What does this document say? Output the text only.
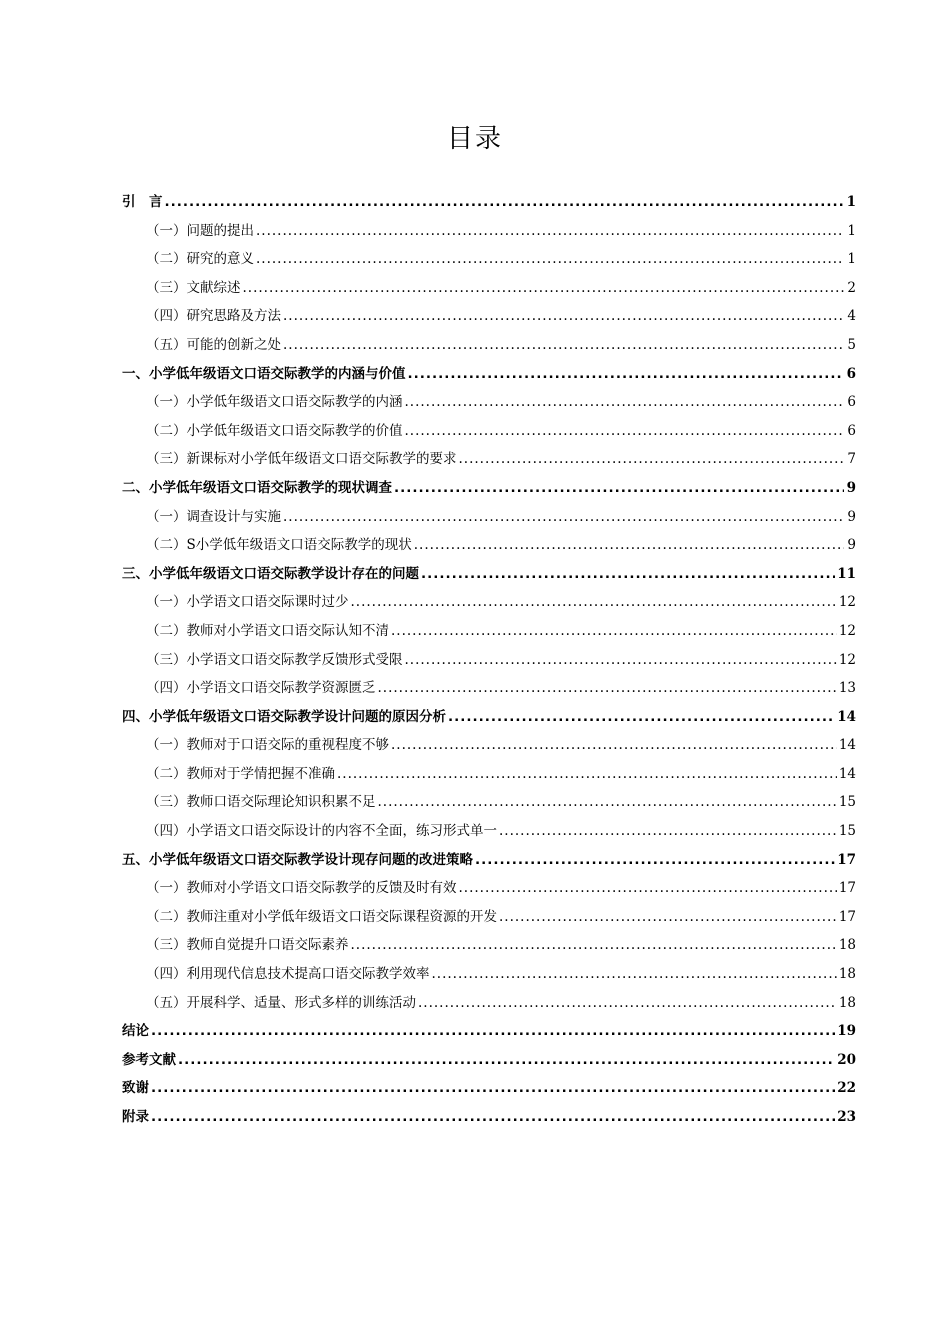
目录
引　言 .....	1
（一）问题的提出 .....	1
（二）研究的意义 .....	1
（三）文献综述 .....	2
（四）研究思路及方法 .....	4
（五）可能的创新之处 .....	5
一、小学低年级语文口语交际教学的内涵与价值 .....	6
（一）小学低年级语文口语交际教学的内涵 .....	6
（二）小学低年级语文口语交际教学的价值 .....	6
（三）新课标对小学低年级语文口语交际教学的要求 .....	7
二、小学低年级语文口语交际教学的现状调查 .....	9
（一）调查设计与实施 .....	9
（二）S小学低年级语文口语交际教学的现状 .....	9
三、小学低年级语文口语交际教学设计存在的问题 .....	11
（一）小学语文口语交际课时过少 .....	12
（二）教师对小学语文口语交际认知不清 .....	12
（三）小学语文口语交际教学反馈形式受限 .....	12
（四）小学语文口语交际教学资源匮乏 .....	13
四、小学低年级语文口语交际教学设计问题的原因分析 .....	14
（一）教师对于口语交际的重视程度不够 .....	14
（二）教师对于学情把握不准确 .....	14
（三）教师口语交际理论知识积累不足 .....	15
（四）小学语文口语交际设计的内容不全面，练习形式单一 .....	15
五、小学低年级语文口语交际教学设计现存问题的改进策略 .....	17
（一）教师对小学语文口语交际教学的反馈及时有效 .....	17
（二）教师注重对小学低年级语文口语交际课程资源的开发 .....	17
（三）教师自觉提升口语交际素养 .....	18
（四）利用现代信息技术提高口语交际教学效率 .....	18
（五）开展科学、适量、形式多样的训练活动 .....	18
结论 .....	19
参考文献 .....	20
致谢 .....	22
附录 .....	23
